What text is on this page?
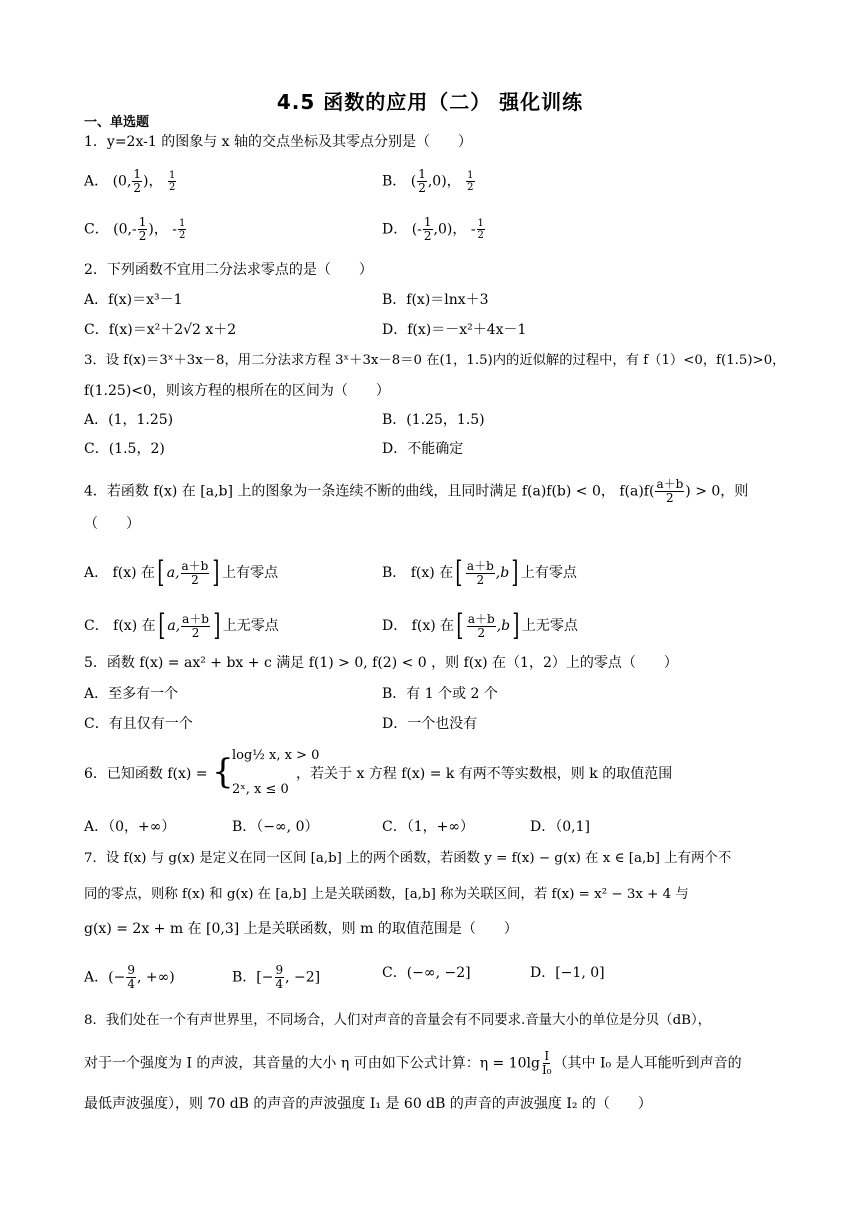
4.5 函数的应用（二） 强化训练
一、单选题
1．y=2x-1 的图象与 x 轴的交点坐标及其零点分别是（　　）
A． (0, $\frac{1}{2}$ )， $\frac{1}{2}$	B． ( $\frac{1}{2} ,0$)， $\frac{1}{2}$
C． ($0,- \frac{1}{2}$ )， - $\frac{1}{2}$	D． (- $\frac{1}{2} ,0$)， - $\frac{1}{2}$
2．下列函数不宜用二分法求零点的是（　　）
A．f(x)＝x³－1	B．f(x)＝lnx＋3
C．f(x)＝x²＋2√2 x＋2	D．f(x)＝－x²＋4x－1
3．设 f(x)＝3ˣ＋3x－8，用二分法求方程 3ˣ＋3x－8＝0 在(1，1.5)内的近似解的过程中，有 f（1）<0，f(1.5)>0，
f(1.25)<0，则该方程的根所在的区间为（　　）
A．(1，1.25)	B．(1.25，1.5)
C．(1.5，2)	D．不能确定
4．若函数 f(x) 在 [a,b] 上的图象为一条连续不断的曲线，且同时满足 f(a)f(b) < 0， $f(a)f( \frac{a+b}{2}$ ) > 0，则
（　　）
A． f(x) 在[ a, $\frac{a+b}{2}$ ] 上有零点	B． f(x) 在[ $\frac{a+b}{2} ,b$] 上有零点
C． f(x) 在[ a, $\frac{a+b}{2}$ ] 上无零点	D． f(x) 在[ $\frac{a+b}{2} ,b$] 上无零点
5．函数 f(x) = ax² + bx + c 满足 f(1) > 0, f(2) < 0 ，则 f(x) 在（1，2）上的零点（　　）
A．至多有一个	B．有 1 个或 2 个
C．有且仅有一个	D．一个也没有
6．已知函数 f(x) = {
log½ x, x > 0
2ˣ, x ≤ 0
，若关于 x 方程 f(x) = k 有两不等实数根，则 k 的取值范围
A．（0，+∞）	B．（−∞, 0）	C．（1，+∞）	D．（0,1]
7．设 f(x) 与 g(x) 是定义在同一区间 [a,b] 上的两个函数，若函数 y = f(x) − g(x) 在 x ∈ [a,b] 上有两个不
同的零点，则称 f(x) 和 g(x) 在 [a,b] 上是关联函数，[a,b] 称为关联区间，若 f(x) = x² − 3x + 4 与
g(x) = 2x + m 在 [0,3] 上是关联函数，则 m 的取值范围是（　　）
A．(− $\frac{9}{4}$ , +∞)	B．[− $\frac{9}{4}$ , −2]	C．(−∞, −2]	D．[−1, 0]
8．我们处在一个有声世界里，不同场合，人们对声音的音量会有不同要求.音量大小的单位是分贝（dB），
对于一个强度为 I 的声波，其音量的大小 η 可由如下公式计算：$\eta = 10\lg \frac{I}{\text{I₀}}$ （其中 I₀ 是人耳能听到声音的
最低声波强度），则 70 dB 的声音的声波强度 I₁ 是 60 dB 的声音的声波强度 I₂ 的（　　）
